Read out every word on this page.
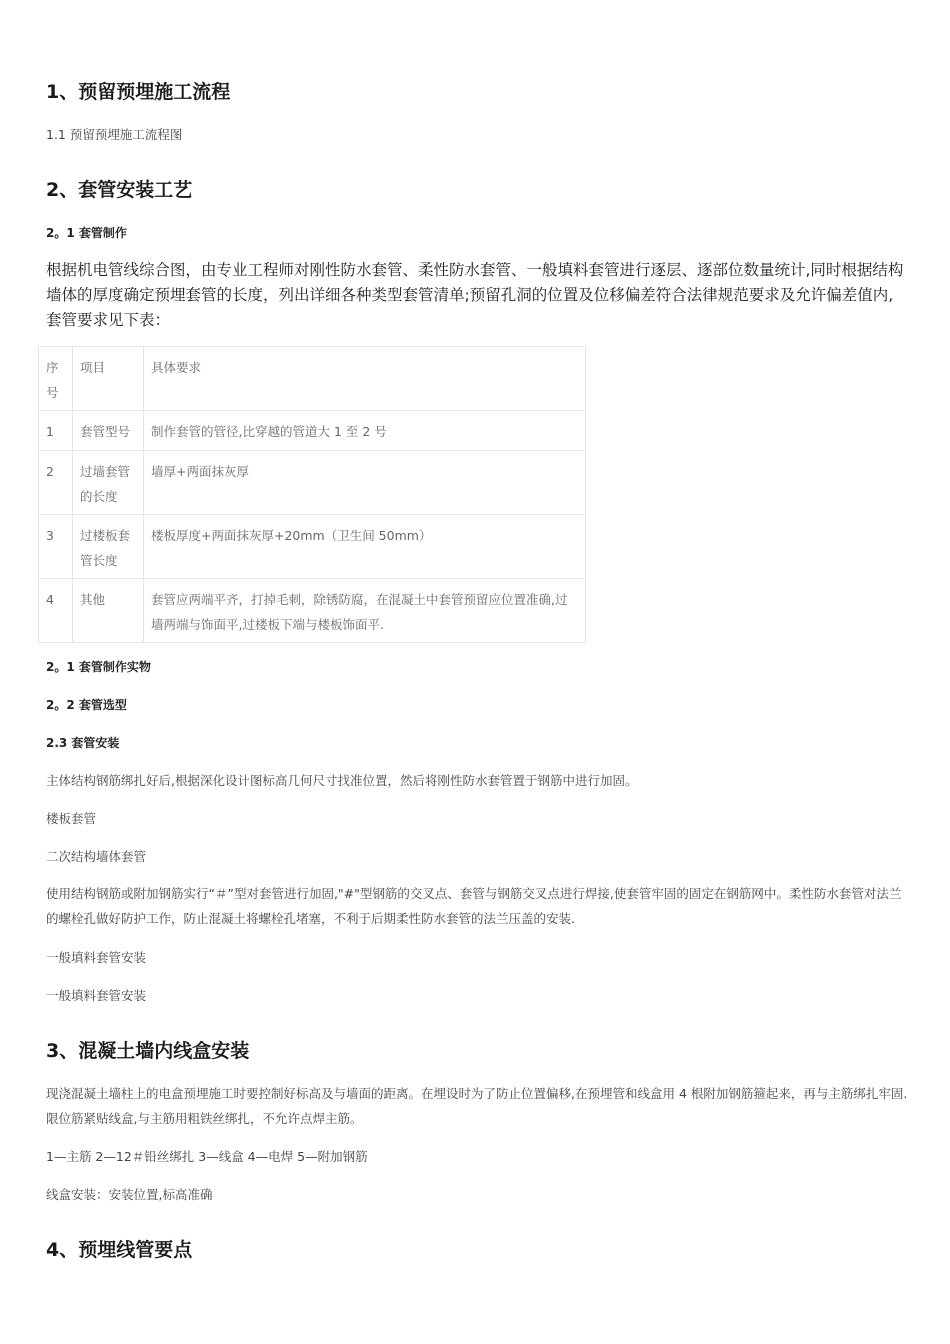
1、预留预埋施工流程

1.1 预留预埋施工流程图

2、套管安装工艺

2。1 套管制作

根据机电管线综合图，由专业工程师对刚性防水套管、柔性防水套管、一般填料套管进行逐层、逐部位数量统计,同时根据结构墙体的厚度确定预埋套管的长度，列出详细各种类型套管清单;预留孔洞的位置及位移偏差符合法律规范要求及允许偏差值内,套管要求见下表：

序号	项目	具体要求
1	套管型号	制作套管的管径,比穿越的管道大 1 至 2 号
2	过墙套管的长度	墙厚+两面抹灰厚
3	过楼板套管长度	楼板厚度+两面抹灰厚+20mm（卫生间 50mm）
4	其他	套管应两端平齐，打掉毛刺，除锈防腐，在混凝土中套管预留应位置准确,过墙两端与饰面平,过楼板下端与楼板饰面平.

2。1 套管制作实物

2。2 套管选型

2.3 套管安装

主体结构钢筋绑扎好后,根据深化设计图标高几何尺寸找准位置，然后将刚性防水套管置于钢筋中进行加固。

楼板套管

二次结构墙体套管

使用结构钢筋或附加钢筋实行“＃”型对套管进行加固,"#"型钢筋的交叉点、套管与钢筋交叉点进行焊接,使套管牢固的固定在钢筋网中。柔性防水套管对法兰的螺栓孔做好防护工作，防止混凝土将螺栓孔堵塞，不利于后期柔性防水套管的法兰压盖的安装.

一般填料套管安装

一般填料套管安装

3、混凝土墙内线盒安装

现浇混凝土墙柱上的电盒预埋施工时要控制好标高及与墙面的距离。在埋设时为了防止位置偏移,在预埋管和线盒用 4 根附加钢筋箍起来，再与主筋绑扎牢固.限位筋紧贴线盒,与主筋用粗铁丝绑扎，不允许点焊主筋。

1—主筋 2—12＃铅丝绑扎 3—线盒 4—电焊 5—附加钢筋

线盒安装：安装位置,标高准确

4、预埋线管要点
